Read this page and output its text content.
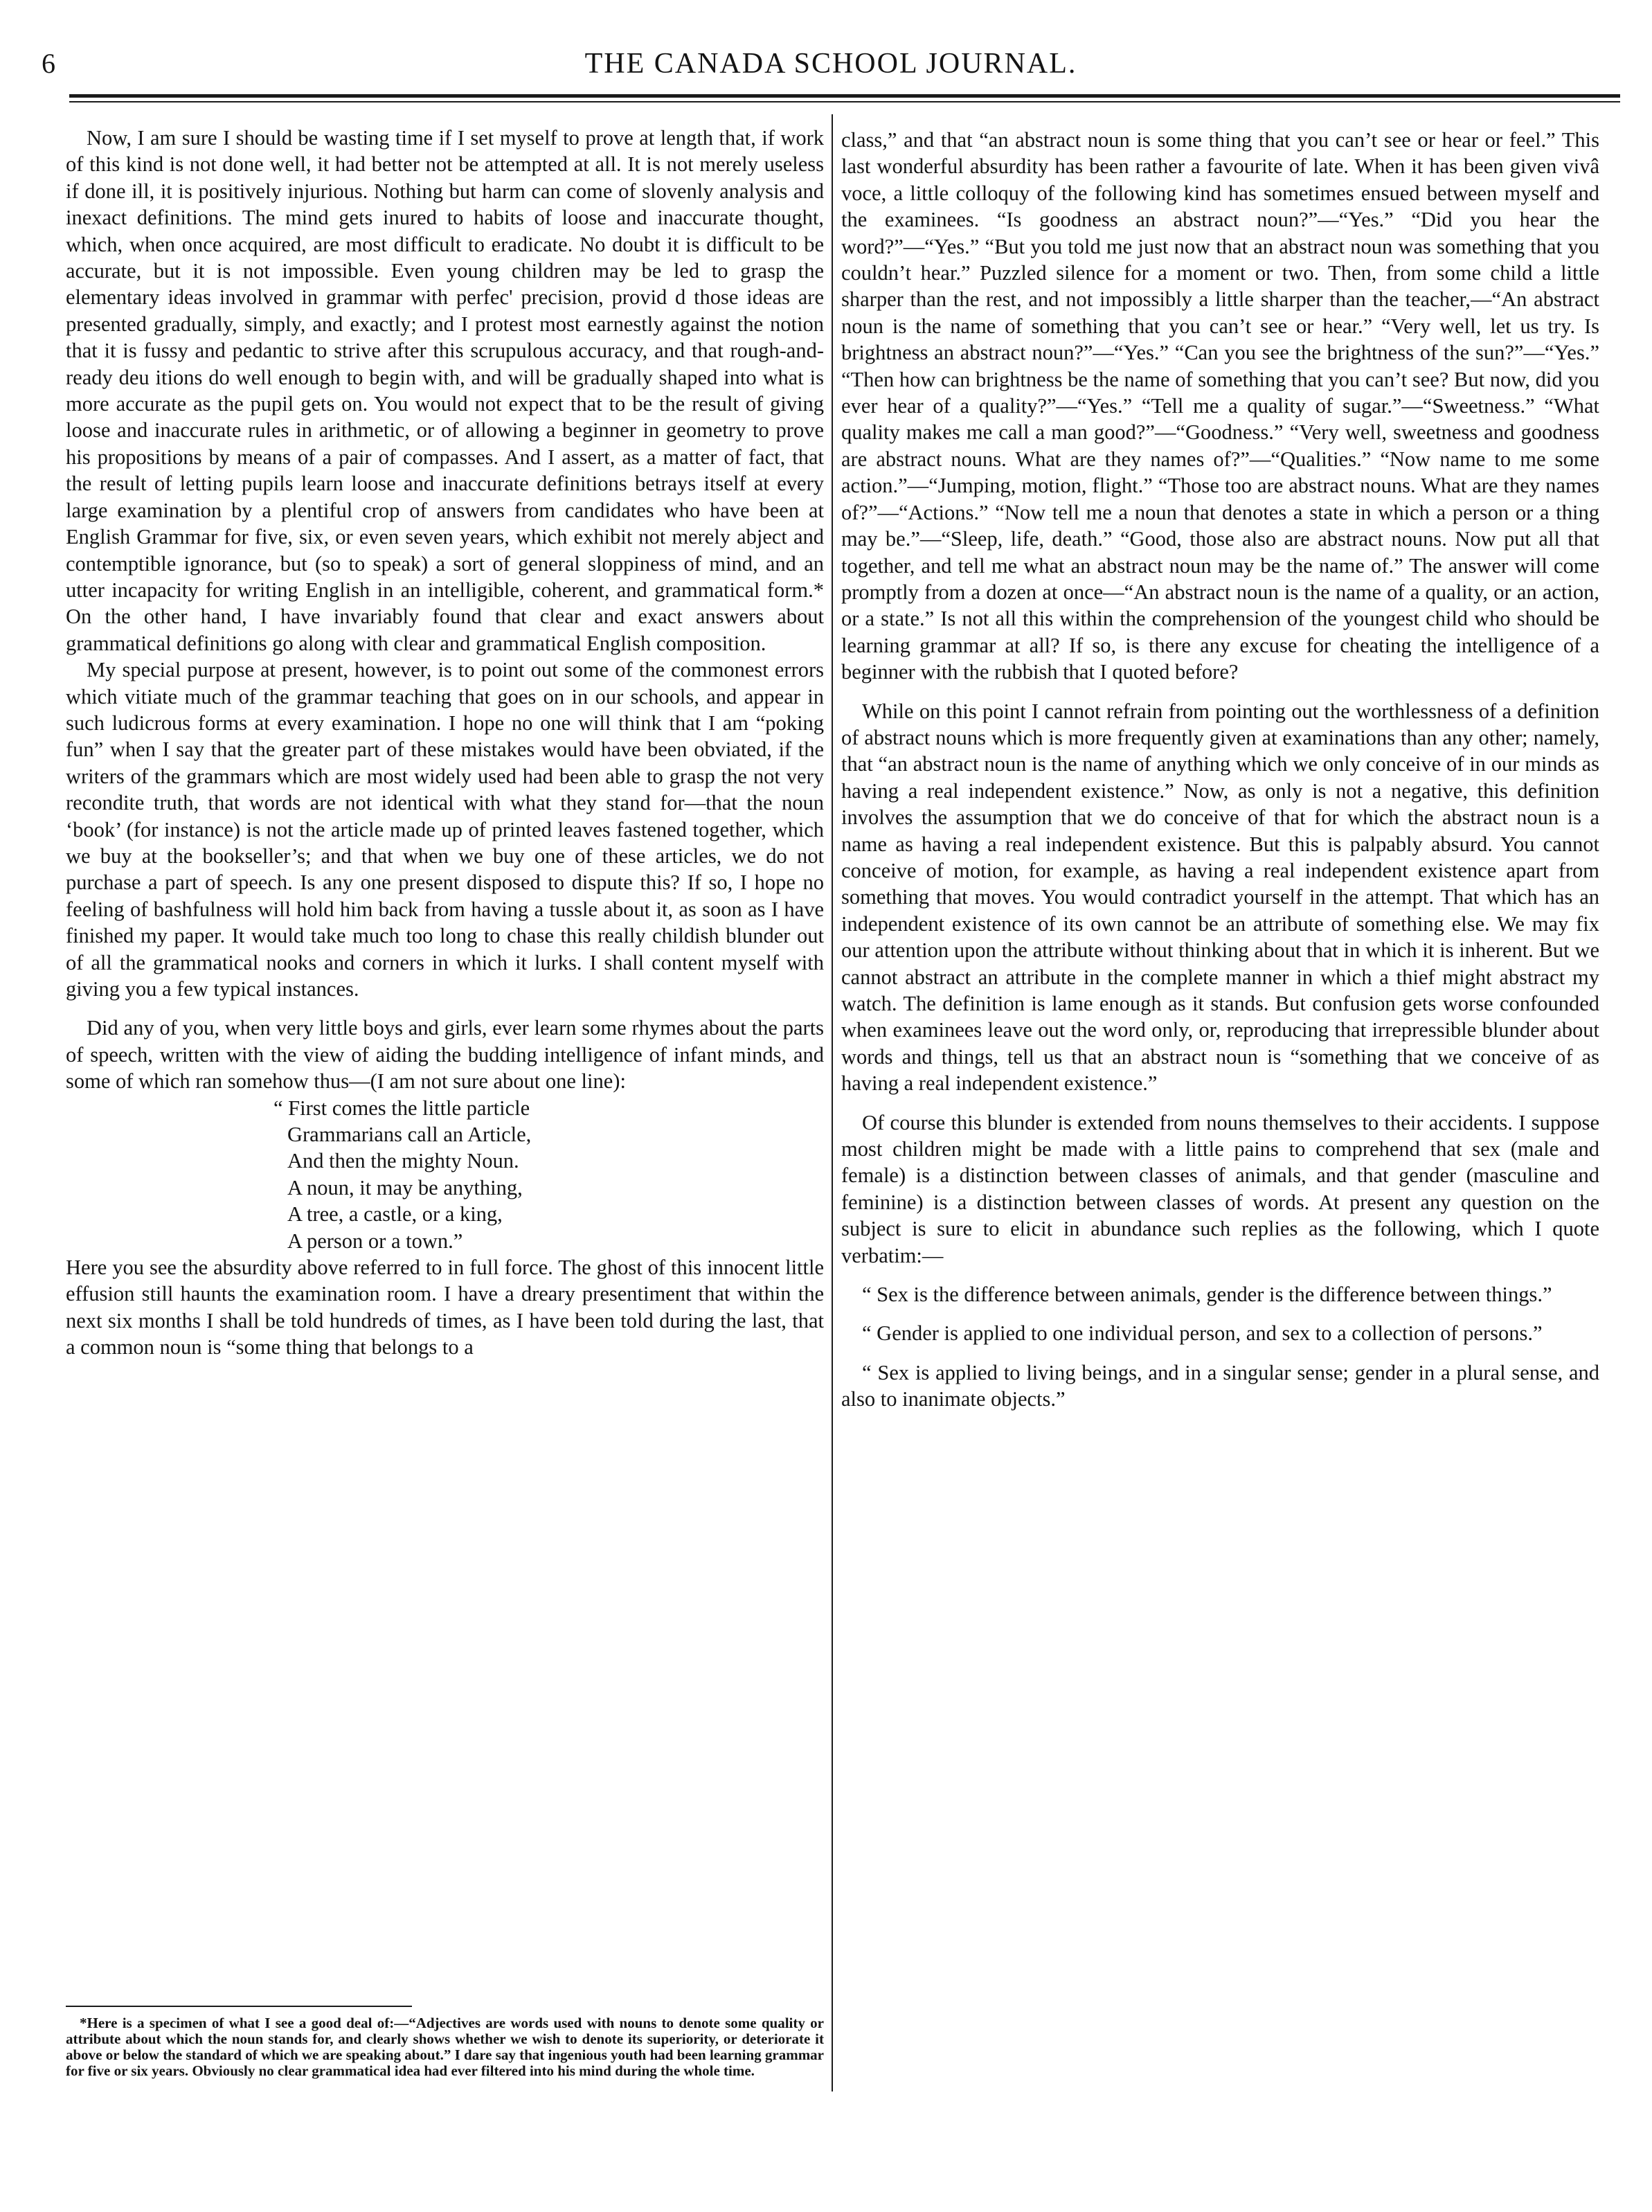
6	THE CANADA SCHOOL JOURNAL.

Now, I am sure I should be wasting time if I set myself to prove at length that, if work of this kind is not done well, it had better not be attempted at all. It is not merely useless if done ill, it is positively injurious. Nothing but harm can come of slovenly analysis and inexact definitions. The mind gets inured to habits of loose and inaccurate thought, which, when once acquired, are most difficult to eradicate. No doubt it is difficult to be accurate, but it is not impossible. Even young children may be led to grasp the elementary ideas involved in grammar with perfec' precision, provid d those ideas are presented gradually, simply, and exactly; and I protest most earnestly against the notion that it is fussy and pedantic to strive after this scrupulous accuracy, and that rough-and-ready deu itions do well enough to begin with, and will be gradually shaped into what is more accurate as the pupil gets on. You would not expect that to be the result of giving loose and inaccurate rules in arithmetic, or of allowing a beginner in geometry to prove his propositions by means of a pair of compasses. And I assert, as a matter of fact, that the result of letting pupils learn loose and inaccurate definitions betrays itself at every large examination by a plentiful crop of answers from candidates who have been at English Grammar for five, six, or even seven years, which exhibit not merely abject and contemptible ignorance, but (so to speak) a sort of general sloppiness of mind, and an utter incapacity for writing English in an intelligible, coherent, and grammatical form.* On the other hand, I have invariably found that clear and exact answers about grammatical definitions go along with clear and grammatical English composition.

My special purpose at present, however, is to point out some of the commonest errors which vitiate much of the grammar teaching that goes on in our schools, and appear in such ludicrous forms at every examination. I hope no one will think that I am “poking fun” when I say that the greater part of these mistakes would have been obviated, if the writers of the grammars which are most widely used had been able to grasp the not very recondite truth, that words are not identical with what they stand for—that the noun ‘book’ (for instance) is not the article made up of printed leaves fastened together, which we buy at the bookseller’s; and that when we buy one of these articles, we do not purchase a part of speech. Is any one present disposed to dispute this? If so, I hope no feeling of bashfulness will hold him back from having a tussle about it, as soon as I have finished my paper. It would take much too long to chase this really childish blunder out of all the grammatical nooks and corners in which it lurks. I shall content myself with giving you a few typical instances.

Did any of you, when very little boys and girls, ever learn some rhymes about the parts of speech, written with the view of aiding the budding intelligence of infant minds, and some of which ran somehow thus—(I am not sure about one line):

“ First comes the little particle
Grammarians call an Article,
And then the mighty Noun.
A noun, it may be anything,
A tree, a castle, or a king,
A person or a town.”

Here you see the absurdity above referred to in full force. The ghost of this innocent little effusion still haunts the examination room. I have a dreary presentiment that within the next six months I shall be told hundreds of times, as I have been told during the last, that a common noun is “some thing that belongs to a

class,” and that “an abstract noun is some thing that you can’t see or hear or feel.” This last wonderful absurdity has been rather a favourite of late. When it has been given vivâ voce, a little colloquy of the following kind has sometimes ensued between myself and the examinees. “Is goodness an abstract noun?”—“Yes.” “Did you hear the word?”—“Yes.” “But you told me just now that an abstract noun was something that you couldn’t hear.” Puzzled silence for a moment or two. Then, from some child a little sharper than the rest, and not impossibly a little sharper than the teacher,—“An abstract noun is the name of something that you can’t see or hear.” “Very well, let us try. Is brightness an abstract noun?”—“Yes.” “Can you see the brightness of the sun?”—“Yes.” “Then how can brightness be the name of something that you can’t see? But now, did you ever hear of a quality?”—“Yes.” “Tell me a quality of sugar.”—“Sweetness.” “What quality makes me call a man good?”—“Goodness.” “Very well, sweetness and goodness are abstract nouns. What are they names of?”—“Qualities.” “Now name to me some action.”—“Jumping, motion, flight.” “Those too are abstract nouns. What are they names of?”—“Actions.” “Now tell me a noun that denotes a state in which a person or a thing may be.”—“Sleep, life, death.” “Good, those also are abstract nouns. Now put all that together, and tell me what an abstract noun may be the name of.” The answer will come promptly from a dozen at once—“An abstract noun is the name of a quality, or an action, or a state.” Is not all this within the comprehension of the youngest child who should be learning grammar at all? If so, is there any excuse for cheating the intelligence of a beginner with the rubbish that I quoted before?

While on this point I cannot refrain from pointing out the worthlessness of a definition of abstract nouns which is more frequently given at examinations than any other; namely, that “an abstract noun is the name of anything which we only conceive of in our minds as having a real independent existence.” Now, as only is not a negative, this definition involves the assumption that we do conceive of that for which the abstract noun is a name as having a real independent existence. But this is palpably absurd. You cannot conceive of motion, for example, as having a real independent existence apart from something that moves. You would contradict yourself in the attempt. That which has an independent existence of its own cannot be an attribute of something else. We may fix our attention upon the attribute without thinking about that in which it is inherent. But we cannot abstract an attribute in the complete manner in which a thief might abstract my watch. The definition is lame enough as it stands. But confusion gets worse confounded when examinees leave out the word only, or, reproducing that irrepressible blunder about words and things, tell us that an abstract noun is “something that we conceive of as having a real independent existence.”

Of course this blunder is extended from nouns themselves to their accidents. I suppose most children might be made with a little pains to comprehend that sex (male and female) is a distinction between classes of animals, and that gender (masculine and feminine) is a distinction between classes of words. At present any question on the subject is sure to elicit in abundance such replies as the following, which I quote verbatim:—

“ Sex is the difference between animals, gender is the difference between things.”

“ Gender is applied to one individual person, and sex to a collection of persons.”

“ Sex is applied to living beings, and in a singular sense; gender in a plural sense, and also to inanimate objects.”

*Here is a specimen of what I see a good deal of:—“Adjectives are words used with nouns to denote some quality or attribute about which the noun stands for, and clearly shows whether we wish to denote its superiority, or deteriorate it above or below the standard of which we are speaking about.” I dare say that ingenious youth had been learning grammar for five or six years. Obviously no clear grammatical idea had ever filtered into his mind during the whole time.
